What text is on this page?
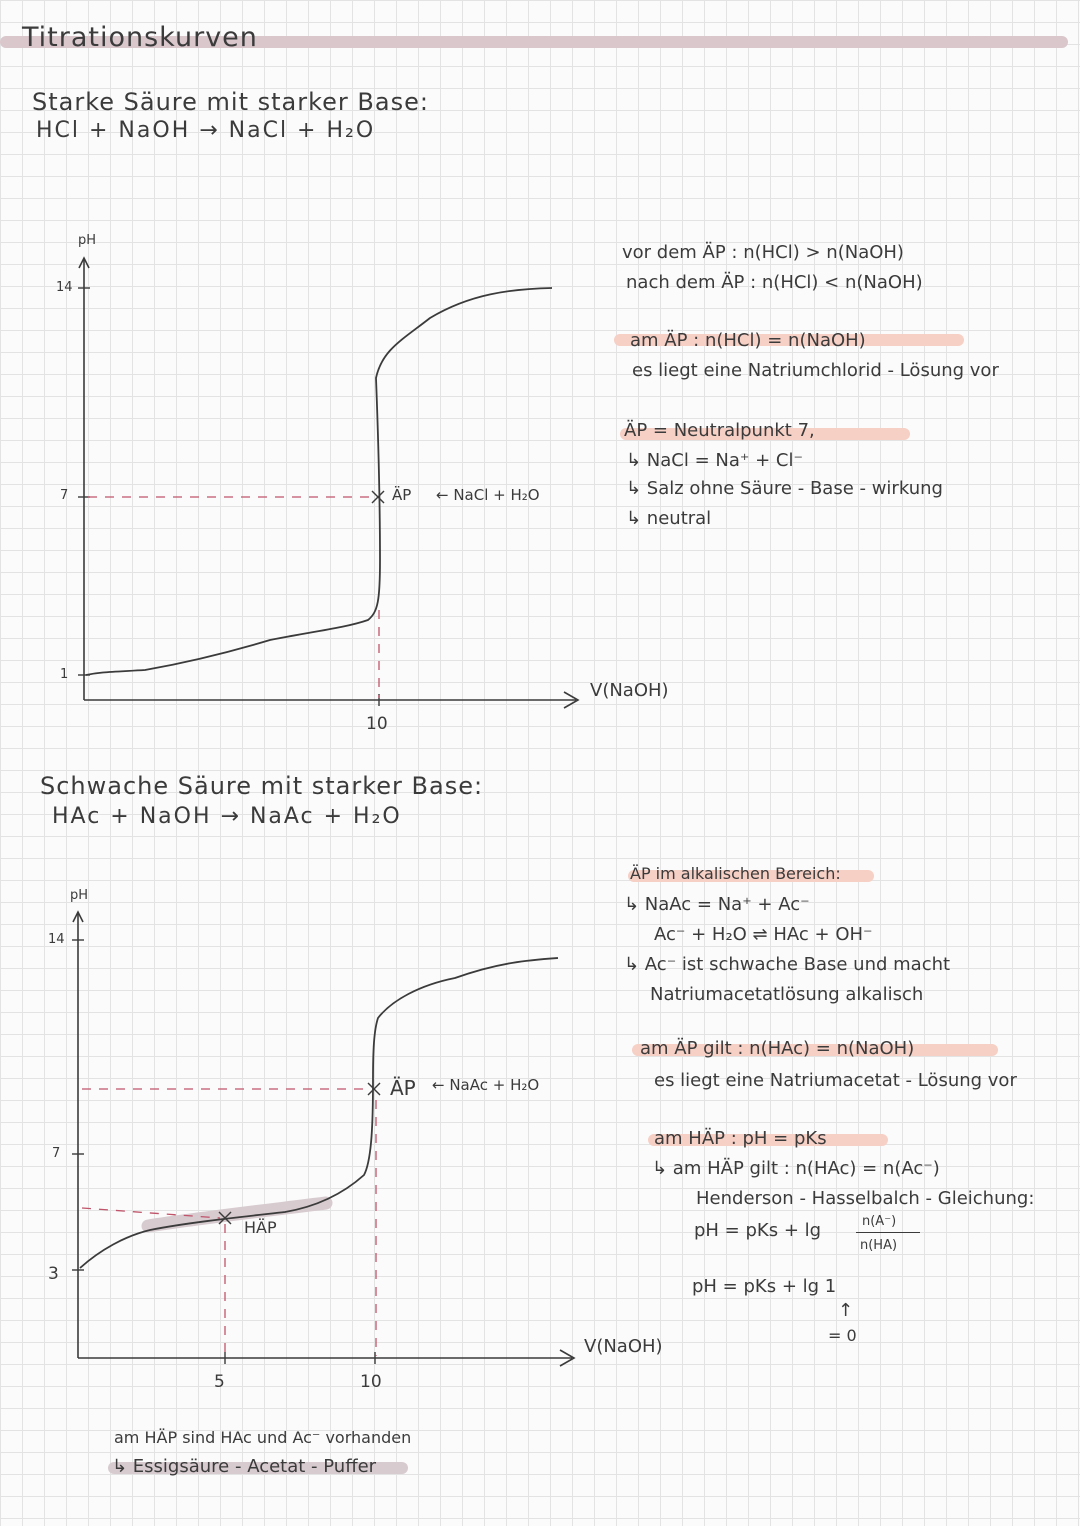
Titrationskurven
Starke Säure mit starker Base:
HCl + NaOH → NaCl + H₂O
pH
14
7
1
10
V(NaOH)
ÄP ← NaCl + H₂O
vor dem ÄP : n(HCl) > n(NaOH)
nach dem ÄP : n(HCl) < n(NaOH)
am ÄP : n(HCl) = n(NaOH)
es liegt eine Natriumchlorid - Lösung vor
ÄP = Neutralpunkt 7,
↳ NaCl = Na⁺ + Cl⁻
↳ Salz ohne Säure - Base - wirkung
↳ neutral
Schwache Säure mit starker Base:
HAc + NaOH → NaAc + H₂O
pH
14
7
3
5	10
V(NaOH)
ÄP ← NaAc + H₂O
HÄP
ÄP im alkalischen Bereich:
↳ NaAc = Na⁺ + Ac⁻
Ac⁻ + H₂O ⇌ HAc + OH⁻
↳ Ac⁻ ist schwache Base und macht
Natriumacetatlösung alkalisch
am ÄP gilt : n(HAc) = n(NaOH)
es liegt eine Natriumacetat - Lösung vor
am HÄP : pH = pKs
↳ am HÄP gilt : n(HAc) = n(Ac⁻)
Henderson - Hasselbalch - Gleichung:
pH = pKs + lg	n(A⁻)
n(HA)
pH = pKs + lg 1
↑
= 0
am HÄP sind HAc und Ac⁻ vorhanden
↳ Essigsäure - Acetat - Puffer
